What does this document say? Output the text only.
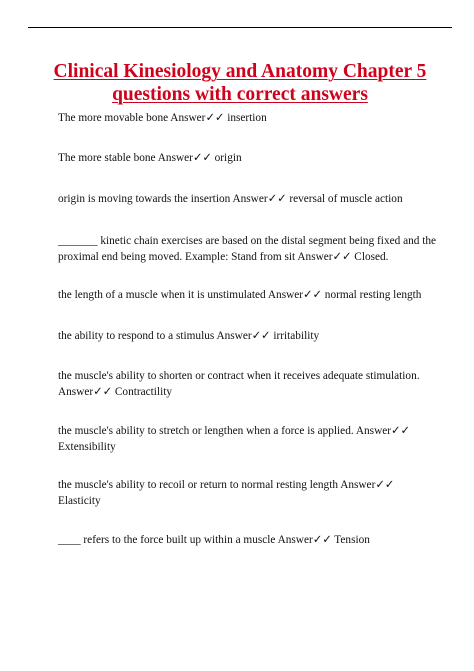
Clinical Kinesiology and Anatomy Chapter 5
questions with correct answers
The more movable bone Answer✓✓ insertion
The more stable bone Answer✓✓ origin
origin is moving towards the insertion Answer✓✓ reversal of muscle action
_______ kinetic chain exercises are based on the distal segment being fixed and the proximal end being moved. Example: Stand from sit Answer✓✓ Closed.
the length of a muscle when it is unstimulated Answer✓✓ normal resting length
the ability to respond to a stimulus Answer✓✓ irritability
the muscle's ability to shorten or contract when it receives adequate stimulation. Answer✓✓ Contractility
the muscle's ability to stretch or lengthen when a force is applied. Answer✓✓ Extensibility
the muscle's ability to recoil or return to normal resting length Answer✓✓ Elasticity
____ refers to the force built up within a muscle Answer✓✓ Tension
